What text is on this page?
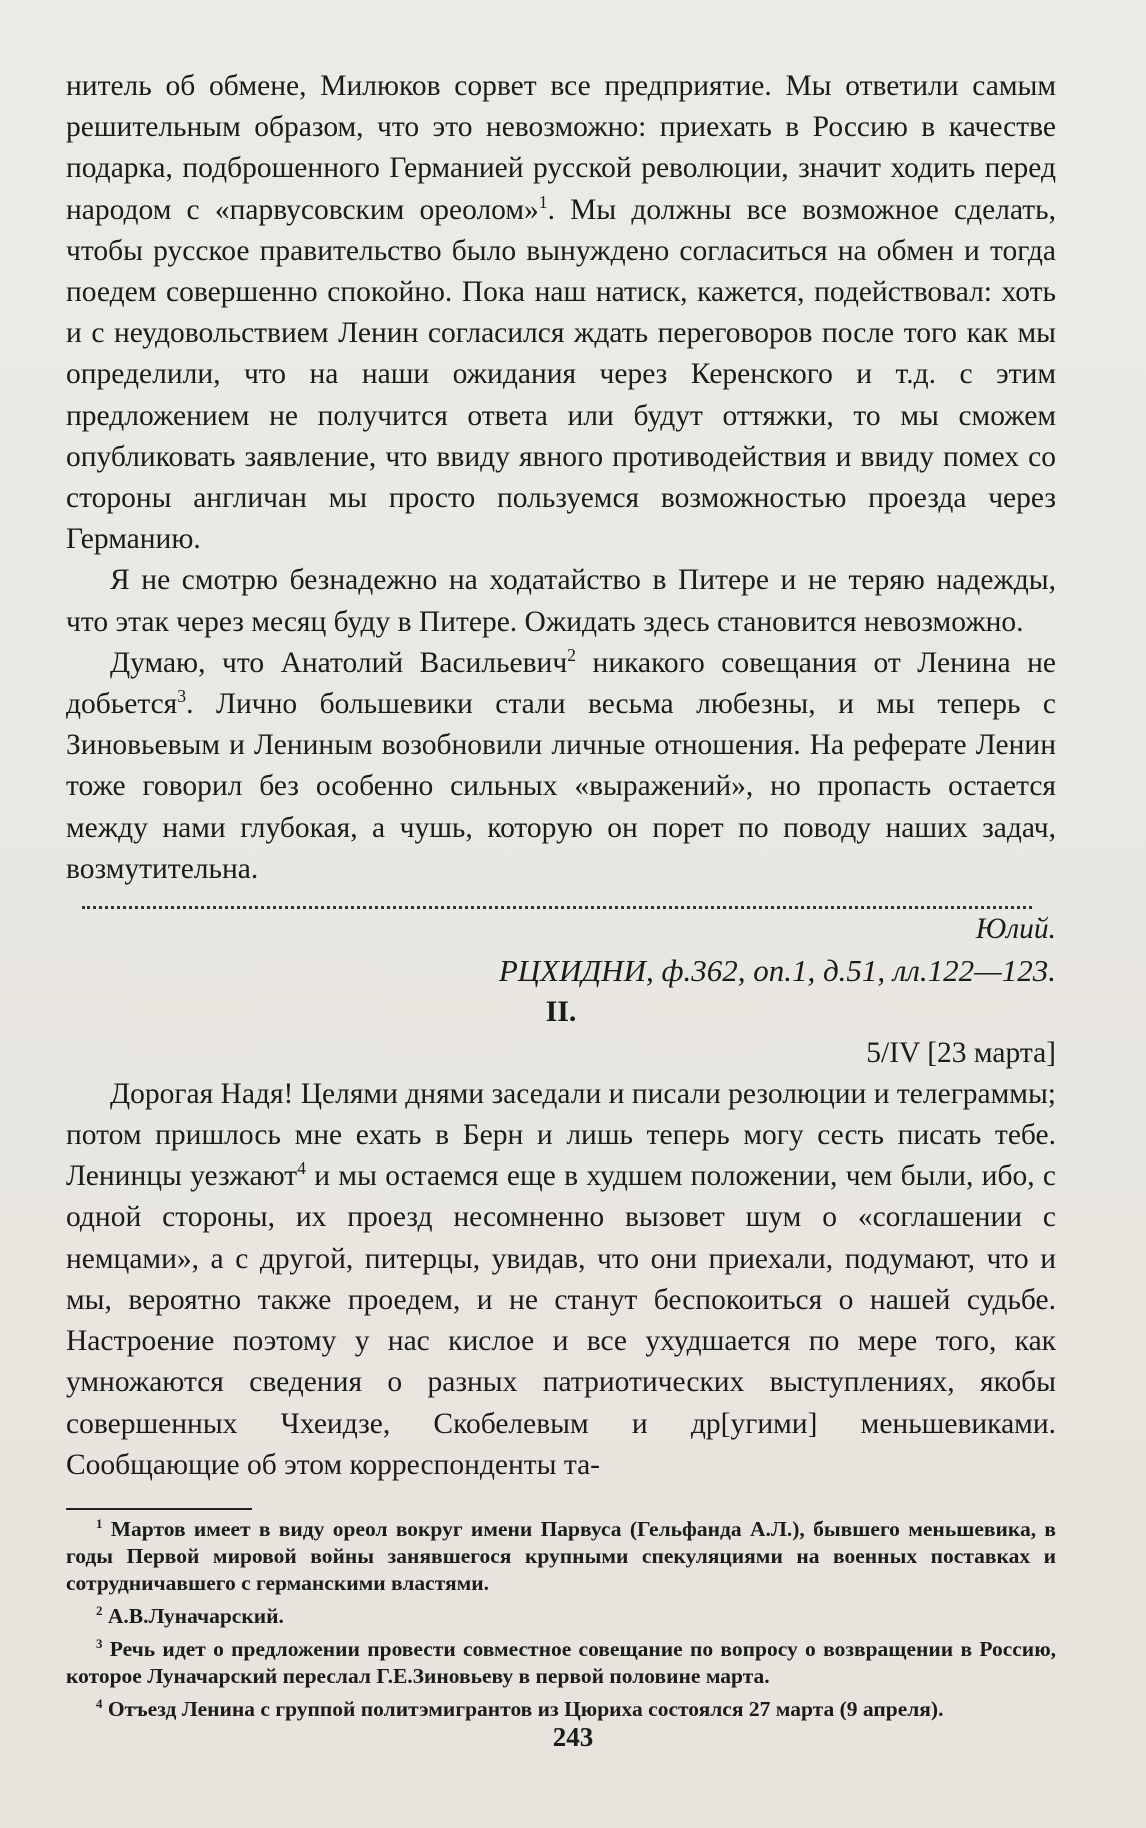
нитель об обмене, Милюков сорвет все предприятие. Мы ответили самым решительным образом, что это невозможно: приехать в Россию в качестве подарка, подброшенного Германией русской революции, значит ходить перед народом с «парвусовским ореолом»$^1$. Мы должны все возможное сделать, чтобы русское правительство было вынуждено согласиться на обмен и тогда поедем совершенно спокойно. Пока наш натиск, кажется, подействовал: хоть и с неудовольствием Ленин согласился ждать переговоров после того как мы определили, что на наши ожидания через Керенского и т.д. с этим предложением не получится ответа или будут оттяжки, то мы сможем опубликовать заявление, что ввиду явного противодействия и ввиду помех со стороны англичан мы просто пользуемся возможностью проезда через Германию.

Я не смотрю безнадежно на ходатайство в Питере и не теряю надежды, что этак через месяц буду в Питере. Ожидать здесь становится невозможно.

Думаю, что Анатолий Васильевич$^2$ никакого совещания от Ленина не добьется$^3$. Лично большевики стали весьма любезны, и мы теперь с Зиновьевым и Лениным возобновили личные отношения. На реферате Ленин тоже говорил без особенно сильных «выражений», но пропасть остается между нами глубокая, а чушь, которую он порет по поводу наших задач, возмутительна.

Юлий.

РЦХИДНИ, ф.362, оп.1, д.51, лл.122—123.

II.

5/IV [23 марта]

Дорогая Надя! Целями днями заседали и писали резолюции и телеграммы; потом пришлось мне ехать в Берн и лишь теперь могу сесть писать тебе. Ленинцы уезжают$^4$ и мы остаемся еще в худшем положении, чем были, ибо, с одной стороны, их проезд несомненно вызовет шум о «соглашении с немцами», а с другой, питерцы, увидав, что они приехали, подумают, что и мы, вероятно также проедем, и не станут беспокоиться о нашей судьбе. Настроение поэтому у нас кислое и все ухудшается по мере того, как умножаются сведения о разных патриотических выступлениях, якобы совершенных Чхеидзе, Скобелевым и др[угими] меньшевиками. Сообщающие об этом корреспонденты та-

$^1$ Мартов имеет в виду ореол вокруг имени Парвуса (Гельфанда А.Л.), бывшего меньшевика, в годы Первой мировой войны занявшегося крупными спекуляциями на военных поставках и сотрудничавшего с германскими властями.

$^2$ А.В.Луначарский.

$^3$ Речь идет о предложении провести совместное совещание по вопросу о возвращении в Россию, которое Луначарский переслал Г.Е.Зиновьеву в первой половине марта.

$^4$ Отъезд Ленина с группой политэмигрантов из Цюриха состоялся 27 марта (9 апреля).

243
